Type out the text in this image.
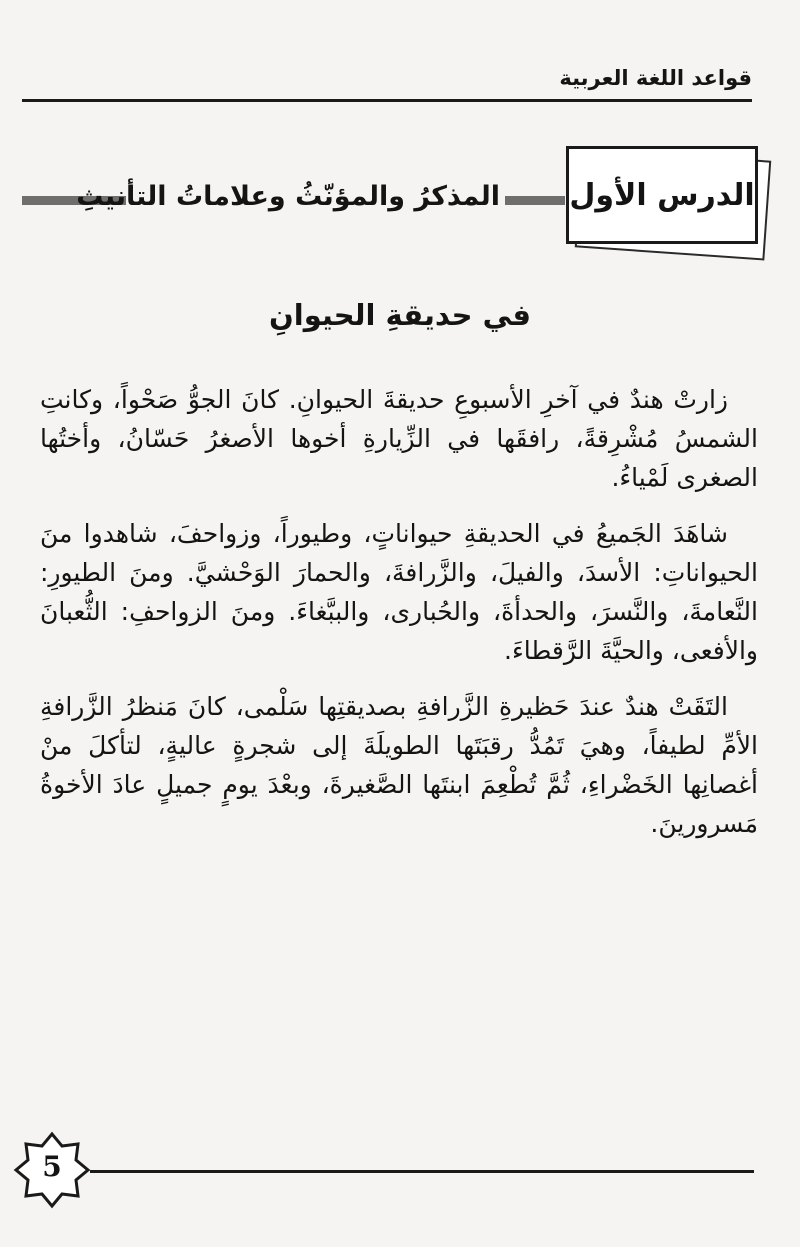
قواعد اللغة العربية
الدرس الأول
المذكرُ والمؤنّثُ وعلاماتُ التأنيثِ
في حديقةِ الحيوانِ

زارتْ هندٌ في آخرِ الأسبوعِ حديقةَ الحيوانِ. كانَ الجوُّ صَحْواً، وكانتِ الشمسُ مُشْرِقةً، رافقَها في الزِّيارةِ أخوها الأصغرُ حَسّانُ، وأختُها الصغرى لَمْياءُ.

شاهَدَ الجَميعُ في الحديقةِ حيواناتٍ، وطيوراً، وزواحفَ، شاهدوا منَ الحيواناتِ: الأسدَ، والفيلَ، والزَّرافةَ، والحمارَ الوَحْشيَّ. ومنَ الطيورِ: النَّعامةَ، والنَّسرَ، والحدأةَ، والحُبارى، والببَّغاءَ. ومنَ الزواحفِ: الثُّعبانَ والأفعى، والحيَّةَ الرَّقطاءَ.

التَقَتْ هندٌ عندَ حَظيرةِ الزَّرافةِ بصديقتِها سَلْمى، كانَ مَنظرُ الزَّرافةِ الأمِّ لطيفاً، وهيَ تَمُدُّ رقبَتَها الطويلَةَ إلى شجرةٍ عاليةٍ، لتأكلَ منْ أغصانِها الخَضْراءِ، ثُمَّ تُطْعِمَ ابنتَها الصَّغيرةَ، وبعْدَ يومٍ جميلٍ عادَ الأخوةُ مَسرورينَ.

5
